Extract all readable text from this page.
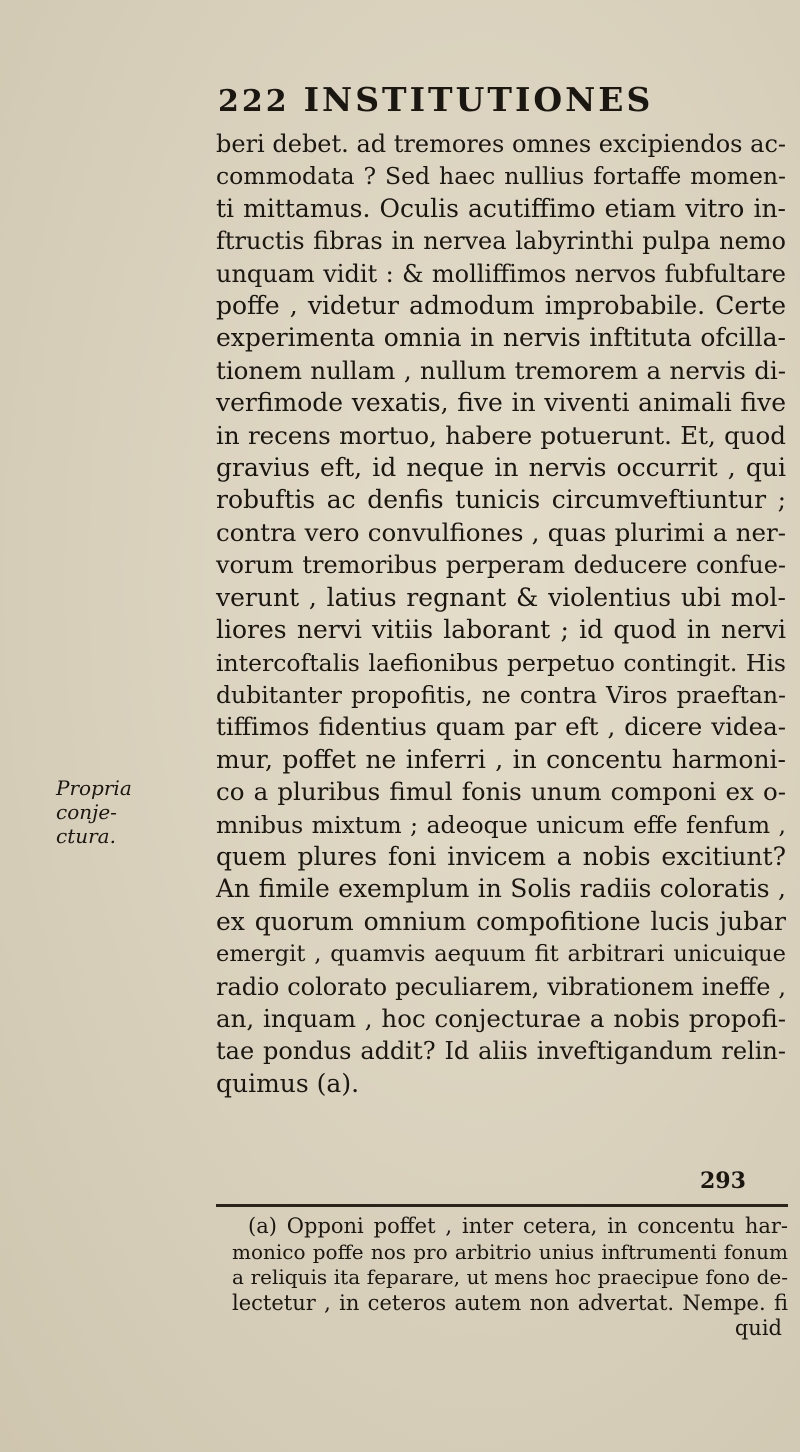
222 INSTITUTIONES
Propria
conje-
ctura.
beri debet. ad tremores omnes excipiendos ac-
commodata ? Sed haec nullius fortaffe momen-
ti mittamus. Oculis acutiffimo etiam vitro in-
ftructis fibras in nervea labyrinthi pulpa nemo
unquam vidit : & molliffimos nervos fubfultare
poffe , videtur admodum improbabile. Certe
experimenta omnia in nervis inftituta ofcilla-
tionem nullam , nullum tremorem a nervis di-
verfimode vexatis, five in viventi animali five
in recens mortuo, habere potuerunt. Et, quod
gravius eft, id neque in nervis occurrit , qui
robuftis ac denfis tunicis circumveftiuntur ;
contra vero convulfiones , quas plurimi a ner-
vorum tremoribus perperam deducere confue-
verunt , latius regnant & violentius ubi mol-
liores nervi vitiis laborant ; id quod in nervi
intercoftalis laefionibus perpetuo contingit. His
dubitanter propofitis, ne contra Viros praeftan-
tiffimos fidentius quam par eft , dicere videa-
mur, poffet ne inferri , in concentu harmoni-
co a pluribus fimul fonis unum componi ex o-
mnibus mixtum ; adeoque unicum effe fenfum ,
quem plures foni invicem a nobis excitiunt?
An fimile exemplum in Solis radiis coloratis ,
ex quorum omnium compofitione lucis jubar
emergit , quamvis aequum fit arbitrari unicuique
radio colorato peculiarem, vibrationem ineffe ,
an, inquam , hoc conjecturae a nobis propofi-
tae pondus addit? Id aliis inveftigandum relin-
quimus (a).
293
(a) Opponi poffet , inter cetera, in concentu har-
monico poffe nos pro arbitrio unius inftrumenti fonum
a reliquis ita feparare, ut mens hoc praecipue fono de-
lectetur , in ceteros autem non advertat. Nempe. fi
quid
